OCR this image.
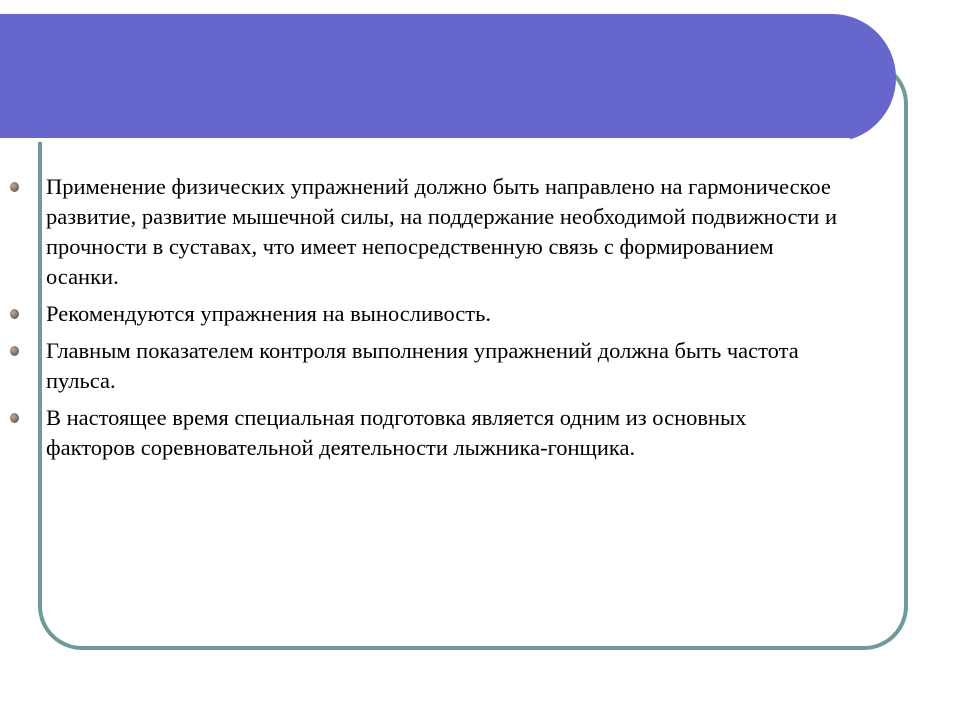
Применение физических упражнений должно быть направлено на гармоническое развитие, развитие мышечной силы, на поддержание необходимой подвижности и прочности в суставах, что имеет непосредственную связь с формированием осанки.
Рекомендуются упражнения на выносливость.
Главным показателем контроля выполнения упражнений должна быть частота пульса.
В настоящее время специальная подготовка является одним из основных факторов соревновательной деятельности лыжника-гонщика.
